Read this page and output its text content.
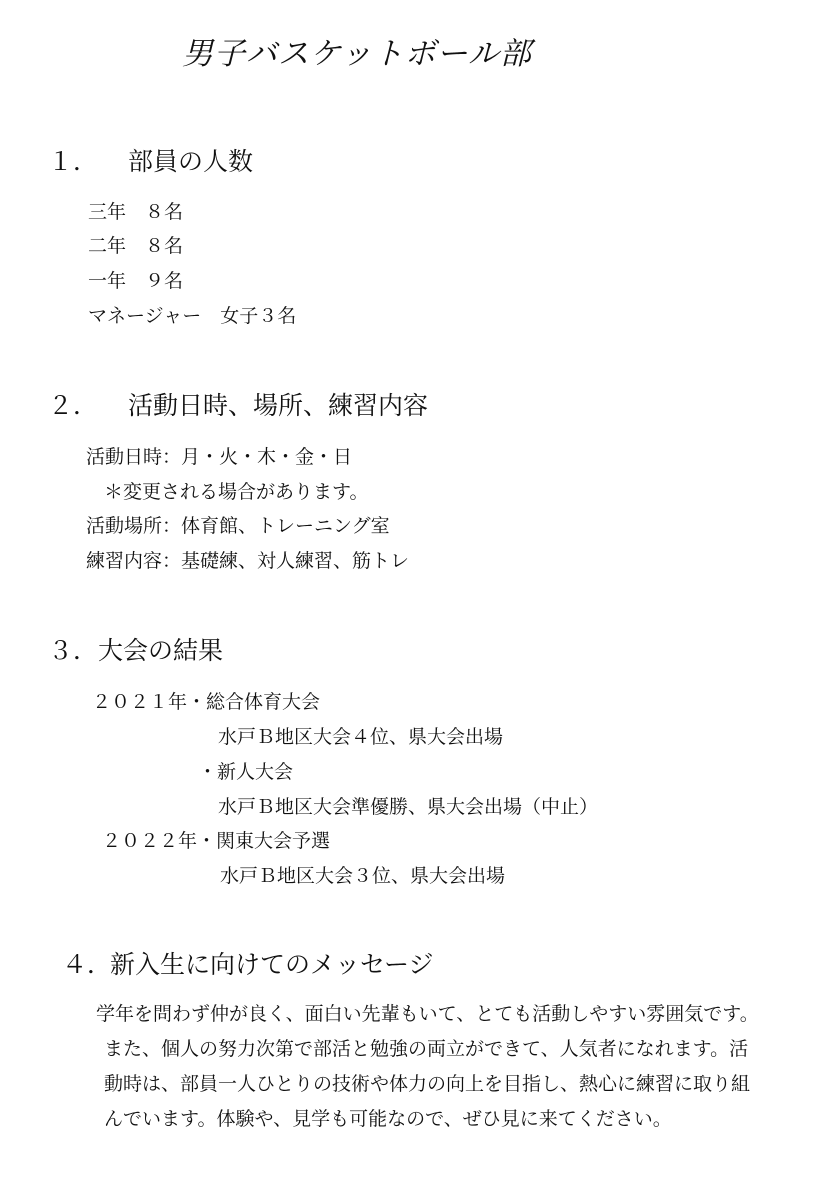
男子バスケットボール部
１． 部員の人数
三年　８名
二年　８名
一年　９名
マネージャー　女子３名
２． 活動日時、場所、練習内容
活動日時：月・火・木・金・日
＊変更される場合があります。
活動場所：体育館、トレーニング室
練習内容：基礎練、対人練習、筋トレ
３． 大会の結果
２０２１年・総合体育大会
水戸Ｂ地区大会４位、県大会出場
・新人大会
水戸Ｂ地区大会準優勝、県大会出場（中止）
２０２２年・関東大会予選
水戸Ｂ地区大会３位、県大会出場
４．
新入生に向けてのメッセージ
学年を問わず仲が良く、面白い先輩もいて、とても活動しやすい雰囲気です。
また、個人の努力次第で部活と勉強の両立ができて、人気者になれます。活
動時は、部員一人ひとりの技術や体力の向上を目指し、熱心に練習に取り組
んでいます。体験や、見学も可能なので、ぜひ見に来てください。
